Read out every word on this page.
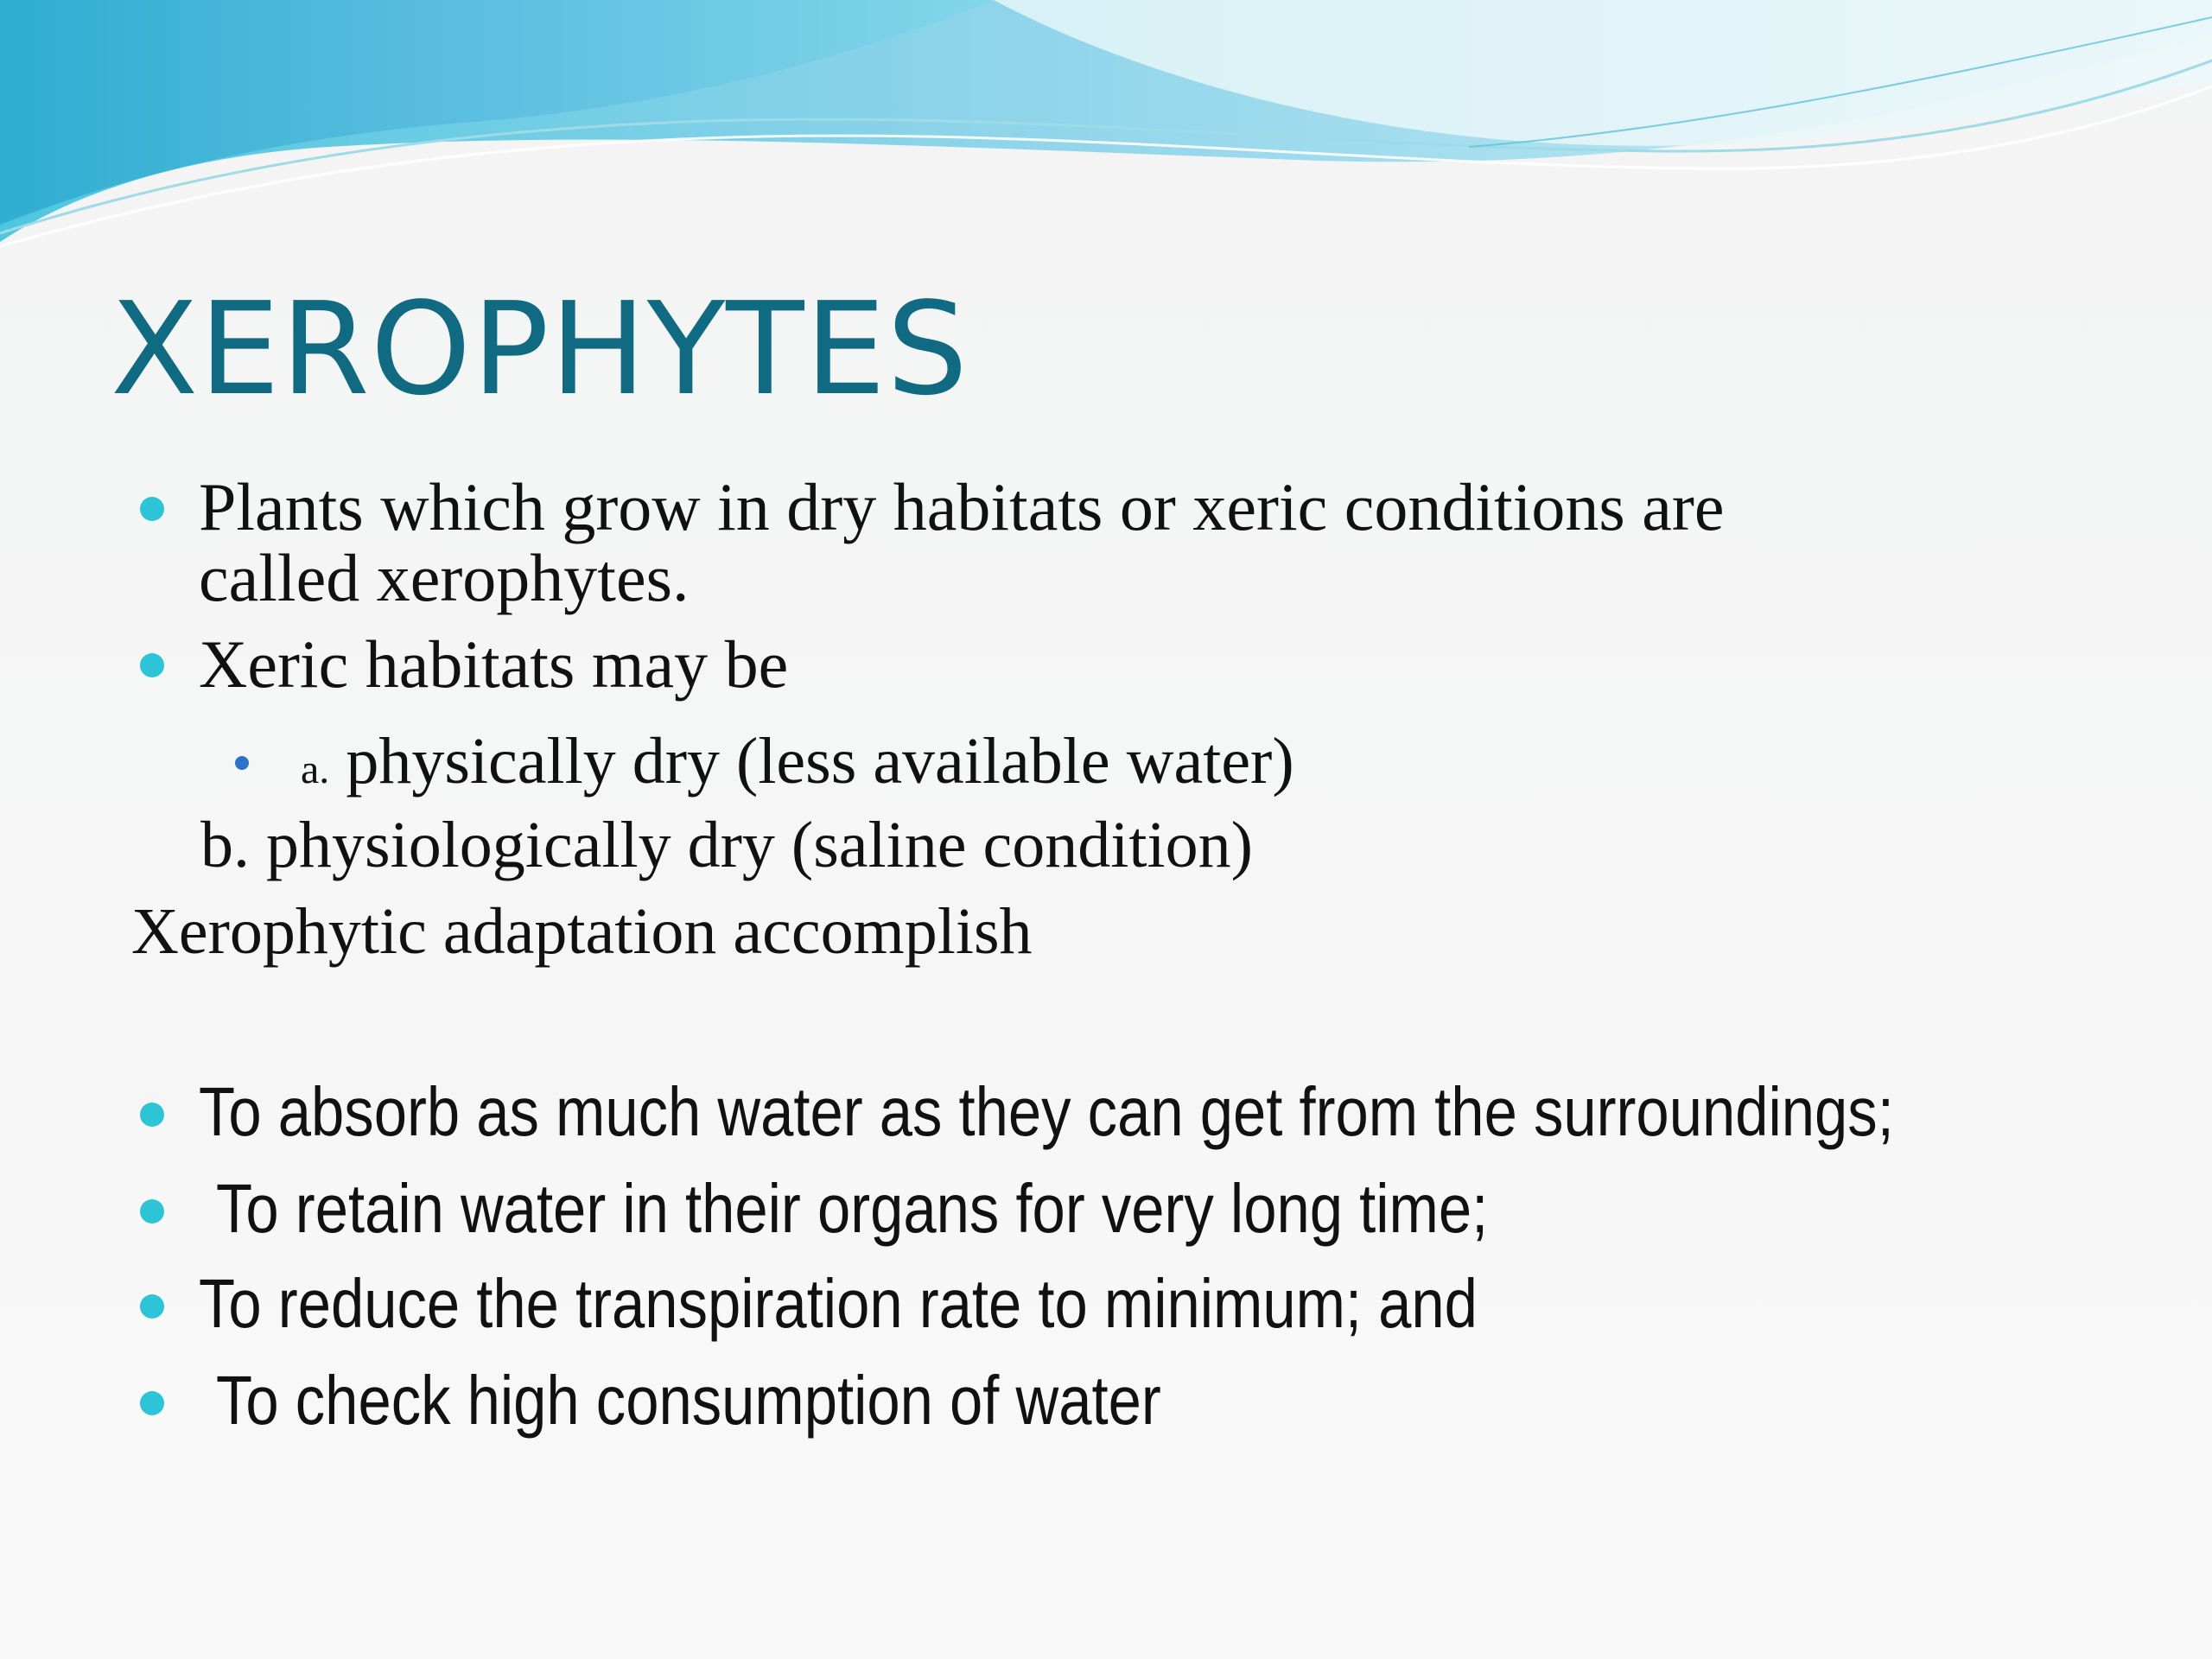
XEROPHYTES

Plants which grow in dry habitats or xeric conditions are

called xerophytes.

Xeric habitats may be

a. physically dry (less available water)

b. physiologically dry (saline condition)

Xerophytic adaptation accomplish

To absorb as much water as they can get from the surroundings;

To retain water in their organs for very long time;

To reduce the transpiration rate to minimum; and

To check high consumption of water
